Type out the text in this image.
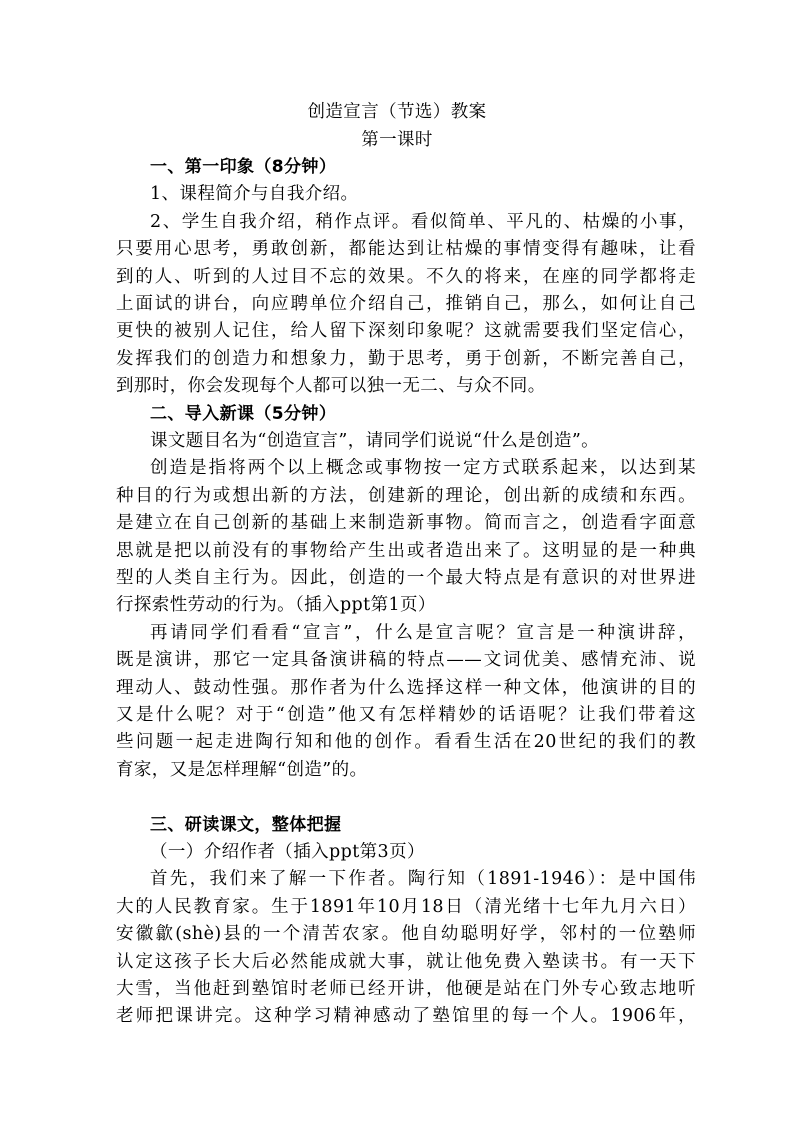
创造宣言（节选）教案
第一课时
一、第一印象（8分钟）
1、课程简介与自我介绍。
2、学生自我介绍，稍作点评。看似简单、平凡的、枯燥的小事，
只要用心思考，勇敢创新，都能达到让枯燥的事情变得有趣味，让看
到的人、听到的人过目不忘的效果。不久的将来，在座的同学都将走
上面试的讲台，向应聘单位介绍自己，推销自己，那么，如何让自己
更快的被别人记住，给人留下深刻印象呢？这就需要我们坚定信心，
发挥我们的创造力和想象力，勤于思考，勇于创新，不断完善自己，
到那时，你会发现每个人都可以独一无二、与众不同。
二、导入新课（5分钟）
课文题目名为“创造宣言”，请同学们说说“什么是创造”。
创造是指将两个以上概念或事物按一定方式联系起来，以达到某
种目的行为或想出新的方法，创建新的理论，创出新的成绩和东西。
是建立在自己创新的基础上来制造新事物。简而言之，创造看字面意
思就是把以前没有的事物给产生出或者造出来了。这明显的是一种典
型的人类自主行为。因此，创造的一个最大特点是有意识的对世界进
行探索性劳动的行为。（插入ppt第1页）
再请同学们看看“宣言”，什么是宣言呢？宣言是一种演讲辞，
既是演讲，那它一定具备演讲稿的特点——文词优美、感情充沛、说
理动人、鼓动性强。那作者为什么选择这样一种文体，他演讲的目的
又是什么呢？对于“创造”他又有怎样精妙的话语呢？让我们带着这
些问题一起走进陶行知和他的创作。看看生活在20世纪的我们的教
育家，又是怎样理解“创造”的。
三、研读课文，整体把握
（一）介绍作者（插入ppt第3页）
首先，我们来了解一下作者。陶行知（1891-1946）：是中国伟
大的人民教育家。生于1891年10月18日（清光绪十七年九月六日）
安徽歙(shè)县的一个清苦农家。他自幼聪明好学，邻村的一位塾师
认定这孩子长大后必然能成就大事，就让他免费入塾读书。有一天下
大雪，当他赶到塾馆时老师已经开讲，他硬是站在门外专心致志地听
老师把课讲完。这种学习精神感动了塾馆里的每一个人。1906年，
